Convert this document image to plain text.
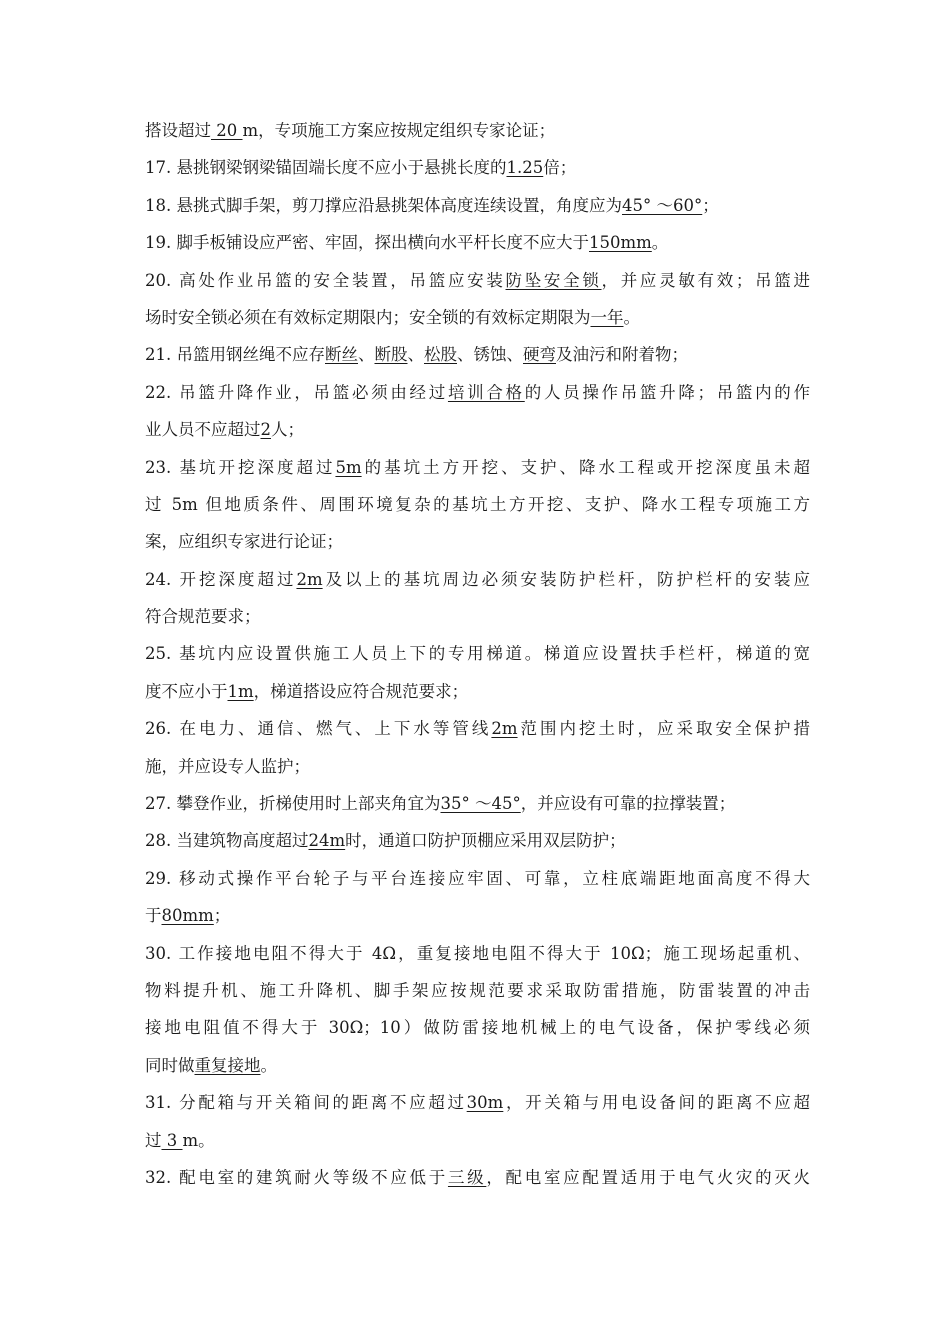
搭设超过 20 m，专项施工方案应按规定组织专家论证；
17. 悬挑钢梁钢梁锚固端长度不应小于悬挑长度的1.25倍；
18. 悬挑式脚手架，剪刀撑应沿悬挑架体高度连续设置，角度应为45° ～60°；
19. 脚手板铺设应严密、牢固，探出横向水平杆长度不应大于150mm。
20. 高处作业吊篮的安全装置，吊篮应安装防坠安全锁，并应灵敏有效；吊篮进
场时安全锁必须在有效标定期限内；安全锁的有效标定期限为一年。
21. 吊篮用钢丝绳不应存断丝、断股、松股、锈蚀、硬弯及油污和附着物；
22. 吊篮升降作业，吊篮必须由经过培训合格的人员操作吊篮升降；吊篮内的作
业人员不应超过2人；
23. 基坑开挖深度超过5m的基坑土方开挖、支护、降水工程或开挖深度虽未超
过 5m 但地质条件、周围环境复杂的基坑土方开挖、支护、降水工程专项施工方
案，应组织专家进行论证；
24. 开挖深度超过2m及以上的基坑周边必须安装防护栏杆，防护栏杆的安装应
符合规范要求；
25. 基坑内应设置供施工人员上下的专用梯道。梯道应设置扶手栏杆，梯道的宽
度不应小于1m，梯道搭设应符合规范要求；
26. 在电力、通信、燃气、上下水等管线2m范围内挖土时，应采取安全保护措
施，并应设专人监护；
27. 攀登作业，折梯使用时上部夹角宜为35° ～45°，并应设有可靠的拉撑装置；
28. 当建筑物高度超过24m时，通道口防护顶棚应采用双层防护；
29. 移动式操作平台轮子与平台连接应牢固、可靠，立柱底端距地面高度不得大
于80mm；
30. 工作接地电阻不得大于 4Ω，重复接地电阻不得大于 10Ω；施工现场起重机、
物料提升机、施工升降机、脚手架应按规范要求采取防雷措施，防雷装置的冲击
接地电阻值不得大于 30Ω；10）做防雷接地机械上的电气设备，保护零线必须
同时做重复接地。
31. 分配箱与开关箱间的距离不应超过30m，开关箱与用电设备间的距离不应超
过 3 m。
32. 配电室的建筑耐火等级不应低于三级，配电室应配置适用于电气火灾的灭火
